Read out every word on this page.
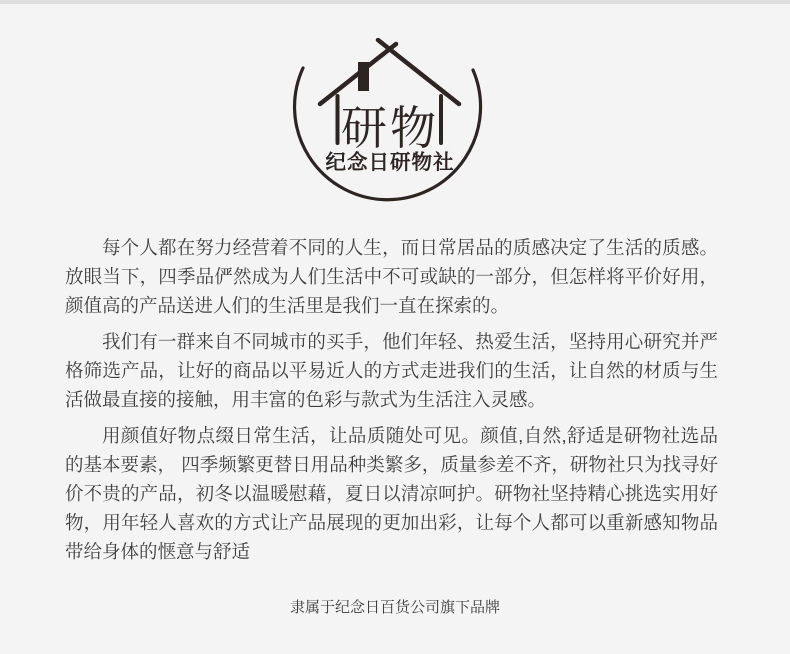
研物
纪念日研物社

每个人都在努力经营着不同的人生，而日常居品的质感决定了生活的质感。放眼当下，四季品俨然成为人们生活中不可或缺的一部分，但怎样将平价好用，颜值高的产品送进人们的生活里是我们一直在探索的。

我们有一群来自不同城市的买手，他们年轻、热爱生活，坚持用心研究并严格筛选产品，让好的商品以平易近人的方式走进我们的生活，让自然的材质与生活做最直接的接触，用丰富的色彩与款式为生活注入灵感。

用颜值好物点缀日常生活，让品质随处可见。颜值,自然,舒适是研物社选品的基本要素， 四季频繁更替日用品种类繁多，质量参差不齐，研物社只为找寻好价不贵的产品，初冬以温暖慰藉，夏日以清凉呵护。研物社坚持精心挑选实用好物，用年轻人喜欢的方式让产品展现的更加出彩，让每个人都可以重新感知物品带给身体的惬意与舒适

隶属于纪念日百货公司旗下品牌
